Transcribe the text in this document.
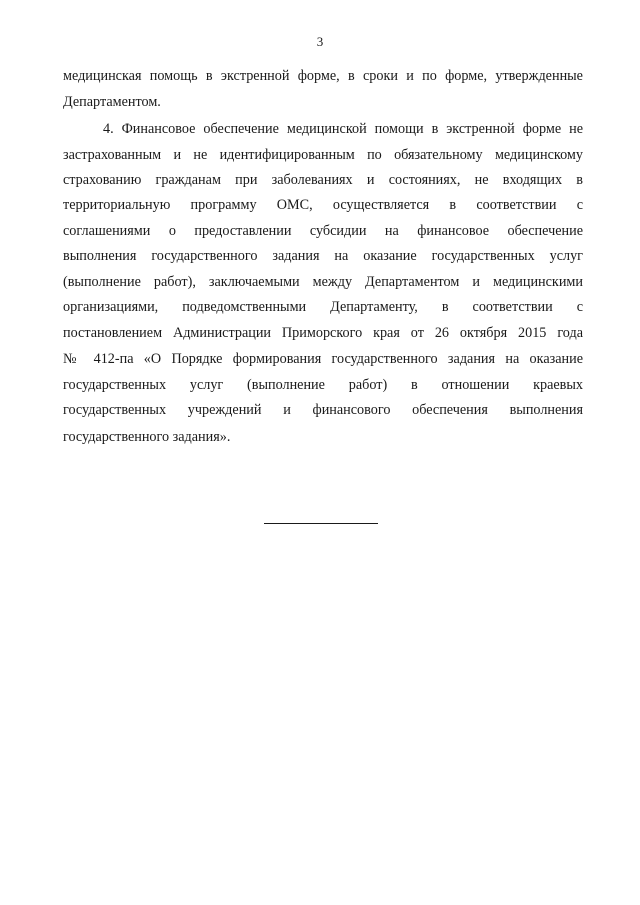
3
медицинская помощь в экстренной форме, в сроки и по форме, утвержденные
Департаментом.
4. Финансовое обеспечение медицинской помощи в экстренной форме не
застрахованным и не идентифицированным по обязательному медицинскому
страхованию гражданам при заболеваниях и состояниях, не входящих в
территориальную программу ОМС, осуществляется в соответствии с
соглашениями о предоставлении субсидии на финансовое обеспечение
выполнения государственного задания на оказание государственных услуг
(выполнение работ), заключаемыми между Департаментом и медицинскими
организациями, подведомственными Департаменту, в соответствии с
постановлением Администрации Приморского края от 26 октября 2015 года
№ 412-па «О Порядке формирования государственного задания на оказание
государственных услуг (выполнение работ) в отношении краевых
государственных учреждений и финансового обеспечения выполнения
государственного задания».
